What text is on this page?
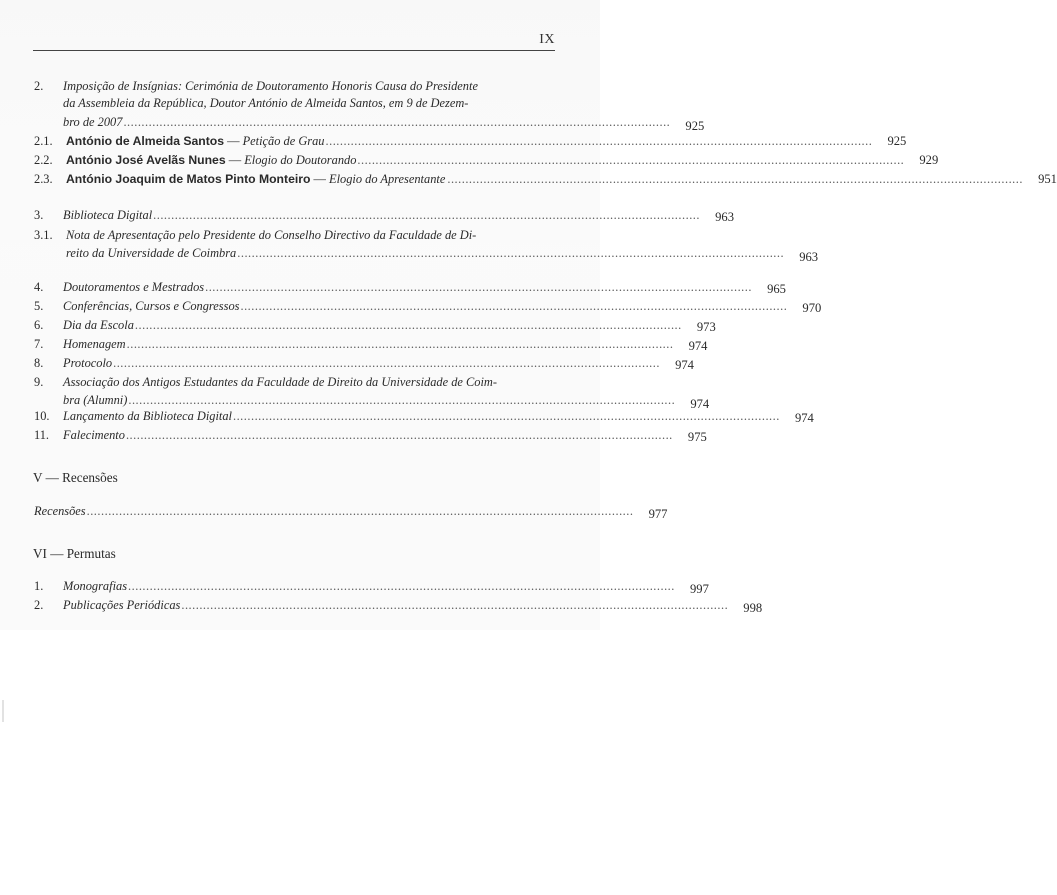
IX
2.	Imposição de Insígnias: Cerimónia de Doutoramento Honoris Causa do Presidente
da Assembleia da República, Doutor António de Almeida Santos, em 9 de Dezem-
bro de 2007 ........................................................................................................................................................	925
2.1.	António de Almeida Santos — Petição de Grau ........................................................................................................................................................	925
2.2.	António José Avelãs Nunes — Elogio do Doutorando ........................................................................................................................................................	929
2.3.	António Joaquim de Matos Pinto Monteiro — Elogio do Apresentante ................................................................................................................................................................	951
3.	Biblioteca Digital ........................................................................................................................................................	963
3.1.	Nota de Apresentação pelo Presidente do Conselho Directivo da Faculdade de Di-
reito da Universidade de Coimbra ........................................................................................................................................................	963
4.	Doutoramentos e Mestrados ........................................................................................................................................................	965
5.	Conferências, Cursos e Congressos ........................................................................................................................................................	970
6.	Dia da Escola ........................................................................................................................................................	973
7.	Homenagem ........................................................................................................................................................	974
8.	Protocolo ........................................................................................................................................................	974
9.	Associação dos Antigos Estudantes da Faculdade de Direito da Universidade de Coim-
bra (Alumni) ........................................................................................................................................................	974
10.	Lançamento da Biblioteca Digital ........................................................................................................................................................	974
11.	Falecimento ........................................................................................................................................................	975
V — Recensões
Recensões ........................................................................................................................................................	977
VI — Permutas
1.	Monografias ........................................................................................................................................................	997
2.	Publicações Periódicas ........................................................................................................................................................	998
